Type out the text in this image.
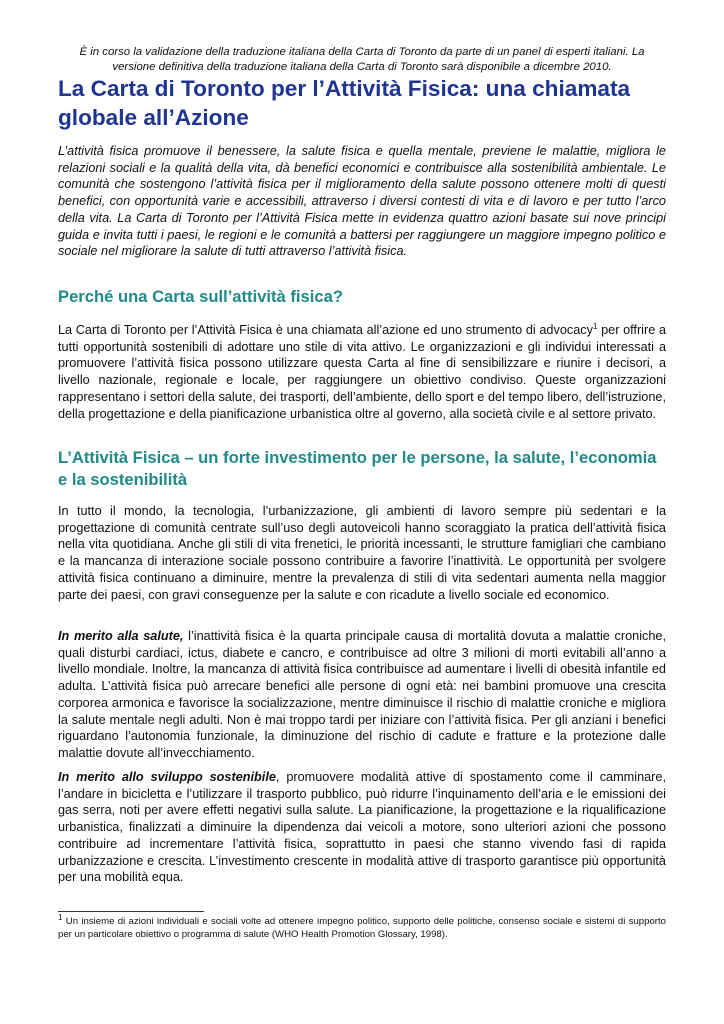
È in corso la validazione della traduzione italiana della Carta di Toronto da parte di un panel di esperti italiani. La versione definitiva della traduzione italiana della Carta di Toronto sarà disponibile a dicembre 2010.

La Carta di Toronto per l’Attività Fisica: una chiamata globale all’Azione

L’attività fisica promuove il benessere, la salute fisica e quella mentale, previene le malattie, migliora le relazioni sociali e la qualità della vita, dà benefici economici e contribuisce alla sostenibilità ambientale. Le comunità che sostengono l’attività fisica per il miglioramento della salute possono ottenere molti di questi benefici, con opportunità varie e accessibili, attraverso i diversi contesti di vita e di lavoro e per tutto l’arco della vita. La Carta di Toronto per l’Attività Fisica mette in evidenza quattro azioni basate sui nove principi guida e invita tutti i paesi, le regioni e le comunità a battersi per raggiungere un maggiore impegno politico e sociale nel migliorare la salute di tutti attraverso l’attività fisica.

Perché una Carta sull’attività fisica?

La Carta di Toronto per l’Attività Fisica è una chiamata all’azione ed uno strumento di advocacy$^1$ per offrire a tutti opportunità sostenibili di adottare uno stile di vita attivo. Le organizzazioni e gli individui interessati a promuovere l’attività fisica possono utilizzare questa Carta al fine di sensibilizzare e riunire i decisori, a livello nazionale, regionale e locale, per raggiungere un obiettivo condiviso. Queste organizzazioni rappresentano i settori della salute, dei trasporti, dell’ambiente, dello sport e del tempo libero, dell’istruzione, della progettazione e della pianificazione urbanistica oltre al governo, alla società civile e al settore privato.

L’Attività Fisica – un forte investimento per le persone, la salute, l’economia e la sostenibilità

In tutto il mondo, la tecnologia, l’urbanizzazione, gli ambienti di lavoro sempre più sedentari e la progettazione di comunità centrate sull’uso degli autoveicoli hanno scoraggiato la pratica dell’attività fisica nella vita quotidiana. Anche gli stili di vita frenetici, le priorità incessanti, le strutture famigliari che cambiano e la mancanza di interazione sociale possono contribuire a favorire l’inattività. Le opportunità per svolgere attività fisica continuano a diminuire, mentre la prevalenza di stili di vita sedentari aumenta nella maggior parte dei paesi, con gravi conseguenze per la salute e con ricadute a livello sociale ed economico.

In merito alla salute, l’inattività fisica è la quarta principale causa di mortalità dovuta a malattie croniche, quali disturbi cardiaci, ictus, diabete e cancro, e contribuisce ad oltre 3 milioni di morti evitabili all’anno a livello mondiale. Inoltre, la mancanza di attività fisica contribuisce ad aumentare i livelli di obesità infantile ed adulta. L’attività fisica può arrecare benefici alle persone di ogni età: nei bambini promuove una crescita corporea armonica e favorisce la socializzazione, mentre diminuisce il rischio di malattie croniche e migliora la salute mentale negli adulti. Non è mai troppo tardi per iniziare con l’attività fisica. Per gli anziani i benefici riguardano l’autonomia funzionale, la diminuzione del rischio di cadute e fratture e la protezione dalle malattie dovute all’invecchiamento.

In merito allo sviluppo sostenibile, promuovere modalità attive di spostamento come il camminare, l’andare in bicicletta e l’utilizzare il trasporto pubblico, può ridurre l’inquinamento dell’aria e le emissioni dei gas serra, noti per avere effetti negativi sulla salute. La pianificazione, la progettazione e la riqualificazione urbanistica, finalizzati a diminuire la dipendenza dai veicoli a motore, sono ulteriori azioni che possono contribuire ad incrementare l’attività fisica, soprattutto in paesi che stanno vivendo fasi di rapida urbanizzazione e crescita. L’investimento crescente in modalità attive di trasporto garantisce più opportunità per una mobilità equa.

$^1$ Un insieme di azioni individuali e sociali volte ad ottenere impegno politico, supporto delle politiche, consenso sociale e sistemi di supporto per un particolare obiettivo o programma di salute (WHO Health Promotion Glossary, 1998).
